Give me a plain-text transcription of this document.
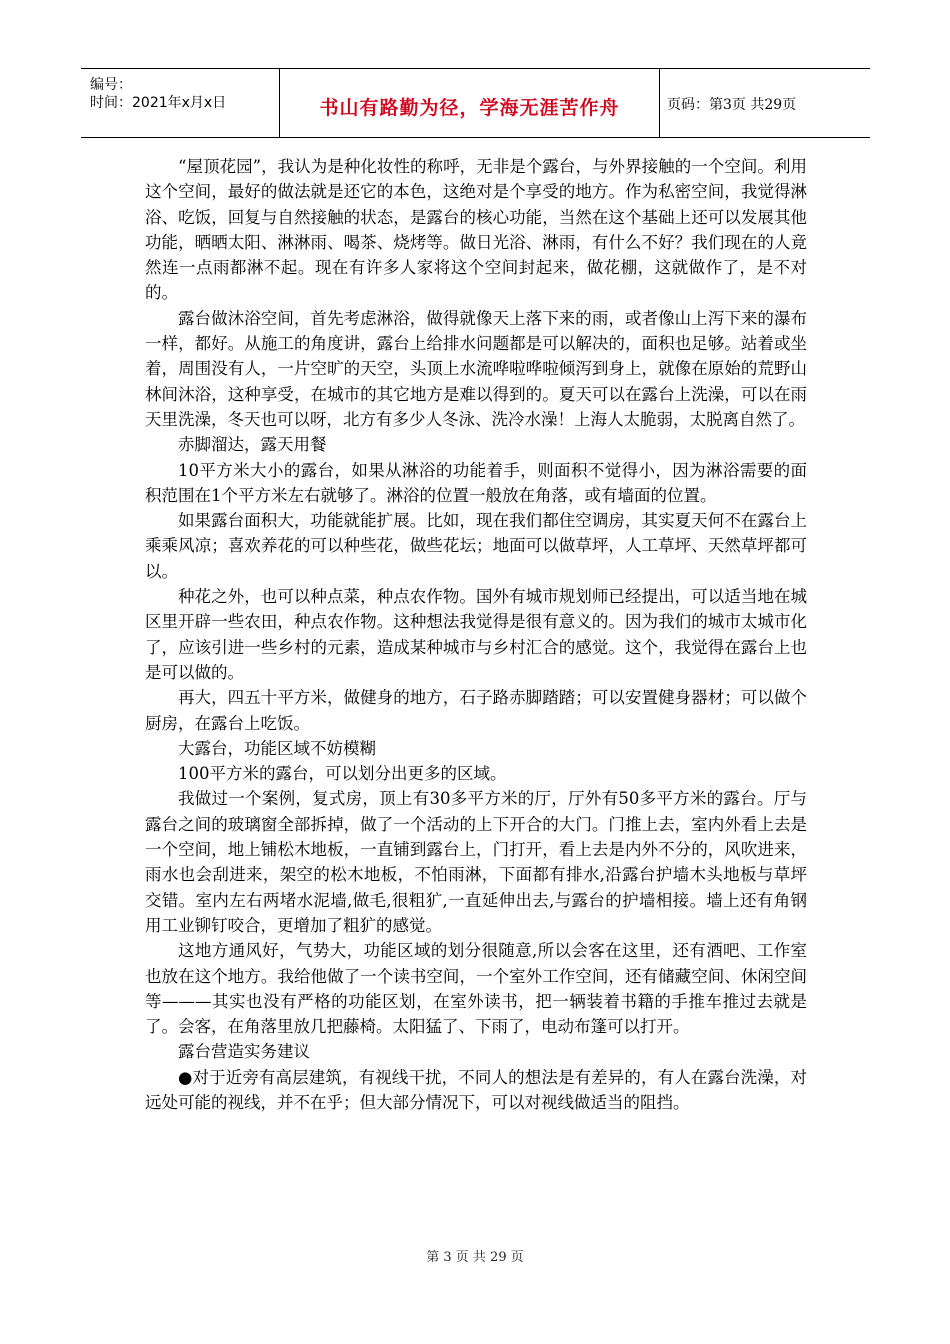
编号：
时间：2021年x月x日	书山有路勤为径，学海无涯苦作舟	页码：第3页 共29页

“屋顶花园”，我认为是种化妆性的称呼，无非是个露台，与外界接触的一个空间。利用这个空间，最好的做法就是还它的本色，这绝对是个享受的地方。作为私密空间，我觉得淋浴、吃饭，回复与自然接触的状态，是露台的核心功能，当然在这个基础上还可以发展其他功能，晒晒太阳、淋淋雨、喝茶、烧烤等。做日光浴、淋雨，有什么不好？我们现在的人竟然连一点雨都淋不起。现在有许多人家将这个空间封起来，做花棚，这就做作了，是不对的。

露台做沐浴空间，首先考虑淋浴，做得就像天上落下来的雨，或者像山上泻下来的瀑布一样，都好。从施工的角度讲，露台上给排水问题都是可以解决的，面积也足够。站着或坐着，周围没有人，一片空旷的天空，头顶上水流哗啦哗啦倾泻到身上，就像在原始的荒野山林间沐浴，这种享受，在城市的其它地方是难以得到的。夏天可以在露台上洗澡，可以在雨天里洗澡，冬天也可以呀，北方有多少人冬泳、洗冷水澡！上海人太脆弱，太脱离自然了。

赤脚溜达，露天用餐

10平方米大小的露台，如果从淋浴的功能着手，则面积不觉得小，因为淋浴需要的面积范围在1个平方米左右就够了。淋浴的位置一般放在角落，或有墙面的位置。

如果露台面积大，功能就能扩展。比如，现在我们都住空调房，其实夏天何不在露台上乘乘风凉；喜欢养花的可以种些花，做些花坛；地面可以做草坪，人工草坪、天然草坪都可以。

种花之外，也可以种点菜，种点农作物。国外有城市规划师已经提出，可以适当地在城区里开辟一些农田，种点农作物。这种想法我觉得是很有意义的。因为我们的城市太城市化了，应该引进一些乡村的元素，造成某种城市与乡村汇合的感觉。这个，我觉得在露台上也是可以做的。

再大，四五十平方米，做健身的地方，石子路赤脚踏踏；可以安置健身器材；可以做个厨房，在露台上吃饭。

大露台，功能区域不妨模糊

100平方米的露台，可以划分出更多的区域。

我做过一个案例，复式房，顶上有30多平方米的厅，厅外有50多平方米的露台。厅与露台之间的玻璃窗全部拆掉，做了一个活动的上下开合的大门。门推上去，室内外看上去是一个空间，地上铺松木地板，一直铺到露台上，门打开，看上去是内外不分的，风吹进来，雨水也会刮进来，架空的松木地板，不怕雨淋，下面都有排水,沿露台护墙木头地板与草坪交错。室内左右两堵水泥墙,做毛,很粗犷,一直延伸出去,与露台的护墙相接。墙上还有角钢用工业铆钉咬合，更增加了粗犷的感觉。

这地方通风好，气势大，功能区域的划分很随意,所以会客在这里，还有酒吧、工作室也放在这个地方。我给他做了一个读书空间，一个室外工作空间，还有储藏空间、休闲空间等———其实也没有严格的功能区划，在室外读书，把一辆装着书籍的手推车推过去就是了。会客，在角落里放几把藤椅。太阳猛了、下雨了，电动布篷可以打开。

露台营造实务建议

●对于近旁有高层建筑，有视线干扰，不同人的想法是有差异的，有人在露台洗澡，对远处可能的视线，并不在乎；但大部分情况下，可以对视线做适当的阻挡。

第 3 页 共 29 页
